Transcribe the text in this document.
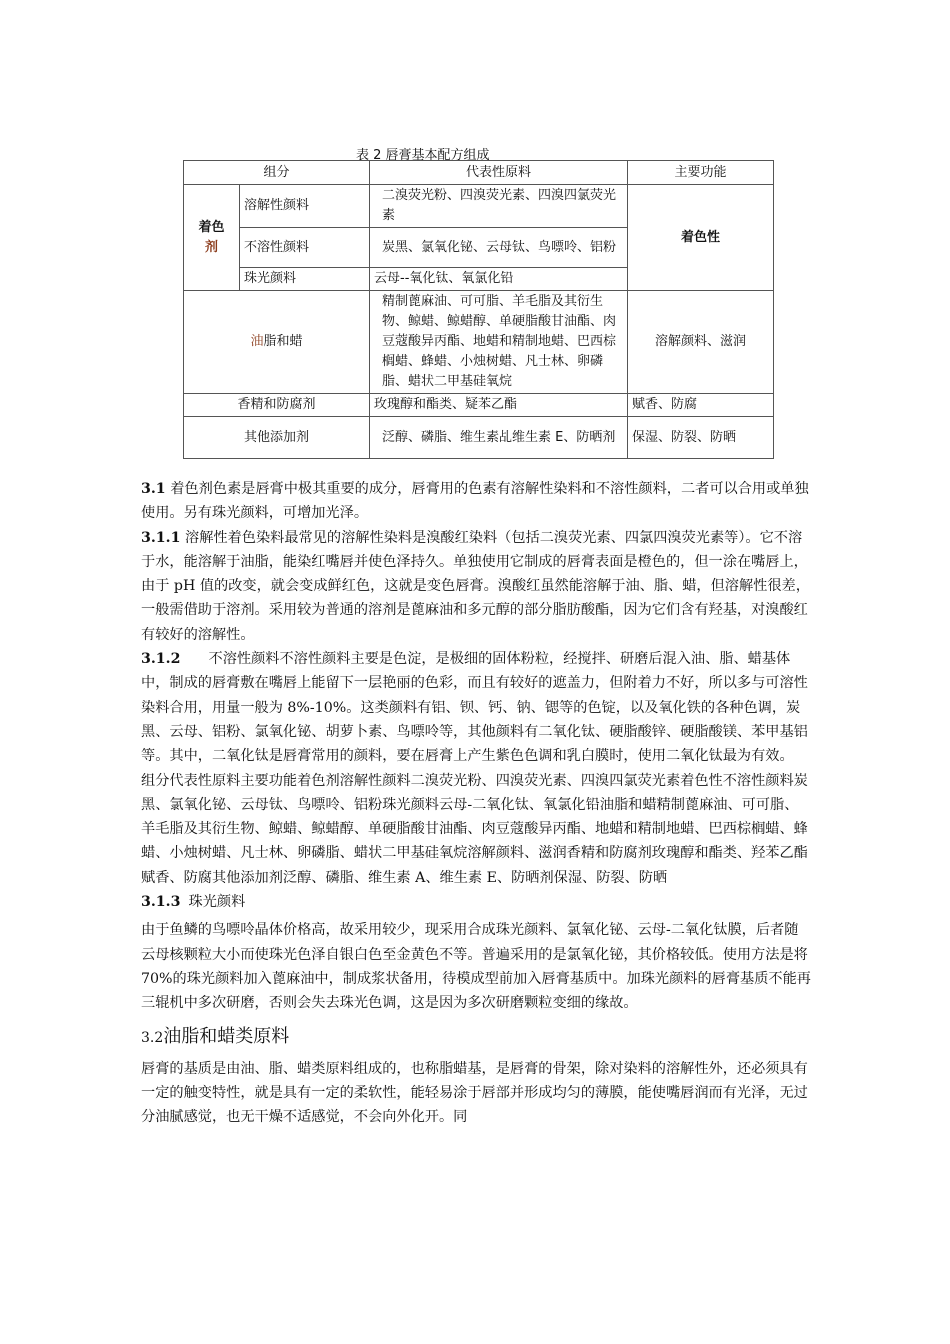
表 2 唇膏基本配方组成
组分		代表性原料	主要功能
着色
剂	溶解性颜料	二溴荧光粉、四溴荧光素、四溴四氯荧光素	着色性
	不溶性颜料	炭黑、氯氧化铋、云母钛、鸟嘌呤、铝粉	
	珠光颜料	云母--氧化钛、氧氯化铅	
油脂和蜡		精制蓖麻油、可可脂、羊毛脂及其衍生物、鲸蜡、鲸蜡醇、单硬脂酸甘油酯、肉豆蔻酸异丙酯、地蜡和精制地蜡、巴西棕榈蜡、蜂蜡、小烛树蜡、凡士林、卵磷脂、蜡状二甲基硅氧烷	溶解颜料、滋润
香精和防腐剂		玫瑰醇和酯类、疑苯乙酯	赋香、防腐
其他添加剂		泛醇、磷脂、维生素乩维生素 E、防晒剂	保湿、防裂、防晒

3.1 着色剂色素是唇膏中极其重要的成分，唇膏用的色素有溶解性染料和不溶性颜料，二者可以合用或单独使用。另有珠光颜料，可增加光泽。

3.1.1 溶解性着色染料最常见的溶解性染料是溴酸红染料（包括二溴荧光素、四氯四溴荧光素等）。它不溶于水，能溶解于油脂，能染红嘴唇并使色泽持久。单独使用它制成的唇膏表面是橙色的，但一涂在嘴唇上，由于 pH 值的改变，就会变成鲜红色，这就是变色唇膏。溴酸红虽然能溶解于油、脂、蜡，但溶解性很差，一般需借助于溶剂。采用较为普通的溶剂是蓖麻油和多元醇的部分脂肪酸酯，因为它们含有羟基，对溴酸红有较好的溶解性。

3.1.2 不溶性颜料不溶性颜料主要是色淀，是极细的固体粉粒，经搅拌、研磨后混入油、脂、蜡基体中，制成的唇膏敷在嘴唇上能留下一层艳丽的色彩，而且有较好的遮盖力，但附着力不好，所以多与可溶性染料合用，用量一般为 8%-10%。这类颜料有铝、钡、钙、钠、锶等的色锭，以及氧化铁的各种色调，炭黑、云母、铝粉、氯氧化铋、胡萝卜素、鸟嘌呤等，其他颜料有二氧化钛、硬脂酸锌、硬脂酸镁、苯甲基铝等。其中，二氧化钛是唇膏常用的颜料，要在唇膏上产生紫色色调和乳白膜时，使用二氧化钛最为有效。

组分代表性原料主要功能着色剂溶解性颜料二溴荧光粉、四溴荧光素、四溴四氯荧光素着色性不溶性颜料炭黑、氯氧化铋、云母钛、鸟嘌呤、铝粉珠光颜料云母-二氧化钛、氧氯化铅油脂和蜡精制蓖麻油、可可脂、羊毛脂及其衍生物、鲸蜡、鲸蜡醇、单硬脂酸甘油酯、肉豆蔻酸异丙酯、地蜡和精制地蜡、巴西棕榈蜡、蜂蜡、小烛树蜡、凡士林、卵磷脂、蜡状二甲基硅氧烷溶解颜料、滋润香精和防腐剂玫瑰醇和酯类、羟苯乙酯赋香、防腐其他添加剂泛醇、磷脂、维生素 A、维生素 E、防晒剂保湿、防裂、防晒

3.1.3 珠光颜料

由于鱼鳞的鸟嘌呤晶体价格高，故采用较少，现采用合成珠光颜料、氯氧化铋、云母-二氧化钛膜，后者随云母核颗粒大小而使珠光色泽自银白色至金黄色不等。普遍采用的是氯氧化铋，其价格较低。使用方法是将 70%的珠光颜料加入蓖麻油中，制成浆状备用，待模成型前加入唇膏基质中。加珠光颜料的唇膏基质不能再三辊机中多次研磨，否则会失去珠光色调，这是因为多次研磨颗粒变细的缘故。

3.2油脂和蜡类原料

唇膏的基质是由油、脂、蜡类原料组成的，也称脂蜡基，是唇膏的骨架，除对染料的溶解性外，还必须具有一定的触变特性，就是具有一定的柔软性，能轻易涂于唇部并形成均匀的薄膜，能使嘴唇润而有光泽，无过分油腻感觉，也无干燥不适感觉，不会向外化开。同
